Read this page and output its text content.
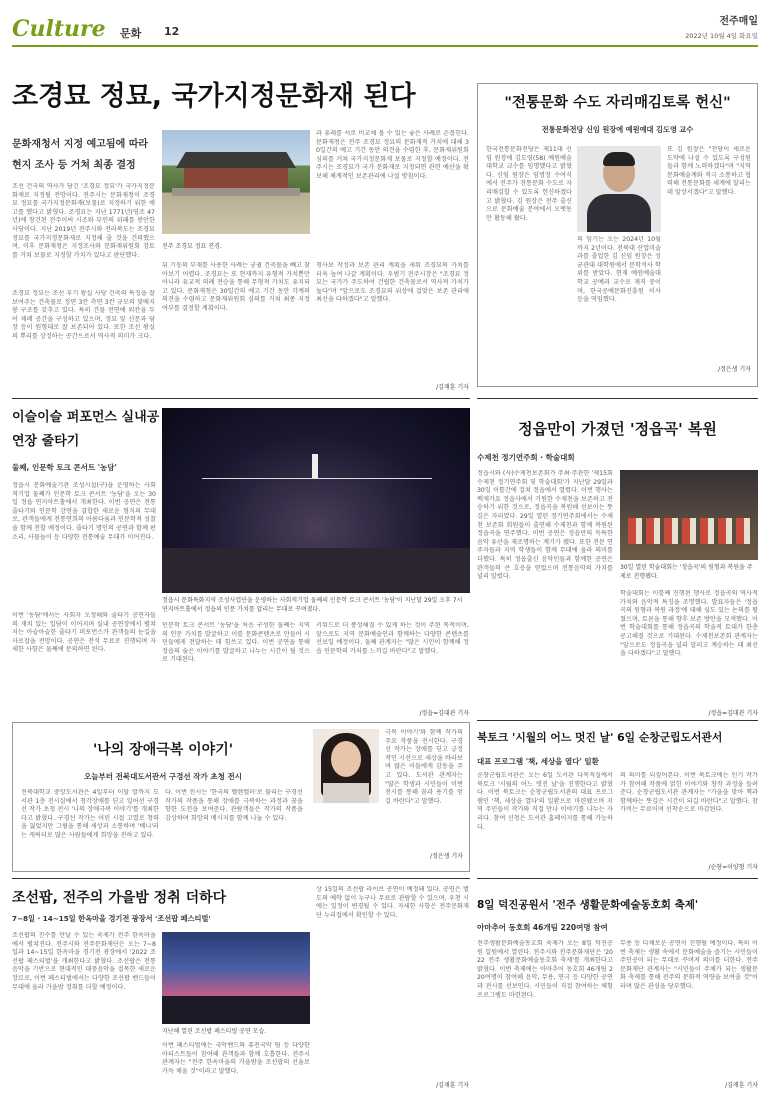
Culture 문화 12
전주매일
2022년 10월 4일 화요일
조경묘 정묘, 국가지정문화재 된다
문화재청서 지정 예고됨에 따라
현지 조사 등 거쳐 최종 결정
전주 조경묘 정묘 전경.
조선 건국의 역사가 담긴 '조경묘 정묘'가 국가지정문화재로 지정될 전망이다. 전주시는 문화재청이 조경묘 정묘를 국가지정문화재(보물)로 지정하기 위한 예고를 했다고 밝혔다. 조경묘는 지난 1771년(영조 47년)에 창건된 전주이씨 시조와 부인의 위패를 봉안한 사당이다. 지난 2019년 전주시와 전라북도는 조경묘 정묘를 국가지정문화재로 지정해 줄 것을 건의했으며, 이후 문화재청은 지정조사와 문화재위원회 검토를 거쳐 보물로 지정할 가치가 있다고 판단했다.
조경묘 정묘는 조선 후기 왕실 사당 건축의 특징을 잘 보여주는 건축물로 정면 3칸 측면 3칸 규모의 맞배지붕 구조를 갖추고 있다. 특히 건물 전면에 퇴칸을 두어 제례 공간을 구성하고 있으며, 정묘 앞 신문과 담장 등이 원형대로 잘 보존되어 있다. 또한 조선 왕실의 뿌리를 상징하는 공간으로서 역사적 의미가 크다.
뒤 기둥의 부재를 사용한 사례는 궁궐 건축물을 빼고 찾아보기 어렵다. 조경묘는 또 현재까지 유형적 가치뿐만 아니라 유교적 의례 전승을 통해 무형적 가치도 유지되고 있다. 문화재청은 30일간의 예고 기간 동안 각계의 의견을 수렴하고 문화재위원회 심의를 거쳐 최종 지정 여부를 결정할 계획이다.
과 유래를 서로 비교해 볼 수 있는 좋은 사례로 손꼽힌다. 문화재청은 전주 조경묘 정묘의 문화재적 가치에 대해 30일간의 예고 기간 동안 의견을 수렴한 후, 문화재위원회 심의를 거쳐 국가지정문화재 보물로 지정할 예정이다. 전주시는 조경묘가 국가 문화재로 지정되면 관련 예산을 확보해 체계적인 보존관리에 나설 방침이다.
청사보 작성과 보존 관리 계획을 세워 조경묘의 가치를 더욱 높여 나갈 계획이다. 우범기 전주시장은 "조경묘 정묘는 국가가 주도하여 건립한 건축물로서 역사적 가치가 높다"며 "앞으로도 조경묘의 위상에 걸맞은 보존 관리에 최선을 다하겠다"고 말했다.
/김재훈 기자
"전통문화 수도 자리매김토록 헌신"
전통문화전당 신임 원장에 예원예대 김도영 교수
한국전통문화전당은 제11대 신임 원장에 김도영(58) 예원예술대학교 교수를 임명했다고 밝혔다. 신임 원장은 임명장 수여식에서 전주가 전통문화 수도로 자리매김할 수 있도록 헌신하겠다고 밝혔다. 김 원장은 전주 출신으로 문화예술 분야에서 오랫동안 활동해 왔다.
의 임기는 오는 2024년 10월까지 2년이다. 전북대 산업미술과를 졸업한 김 신임 원장은 성균관대 대학원에서 문학석사 학위를 받았다. 현재 예원예술대학교 공예과 교수로 재직 중이며, 한국공예문화진흥원 이사 등을 역임했다.
또 김 원장은 "전당이 새로운 도약에 나설 수 있도록 구성원들과 함께 노력하겠다"며 "지역 문화예술계와 적극 소통하고 협력해 전통문화를 세계에 알리는 데 앞장서겠다"고 말했다.
/정은생 기자
이슬이슬 퍼포먼스 실내공연장 줄타기
둘째, 인문학 토크 콘서트 '농담'
정읍시 문화예술기관 조성시설(구)을 운영하는 사회적기업 둘째가 인문학 토크 콘서트 '농담'을 오는 30일 정읍 연지아트홀에서 개최한다. 이번 공연은 전통 줄타기와 인문학 강연을 결합한 새로운 형식의 무대로, 관객들에게 전통연희의 아름다움과 인문학적 성찰을 함께 전할 예정이다. 줄타기 명인의 공연과 함께 판소리, 사물놀이 등 다양한 전통예술 무대가 이어진다.
이번 '농담'에서는 사회자 오정해와 줄타기 공연자들의 재치 있는 입담이 이어지며 실내 공연장에서 펼쳐지는 아슬아슬한 줄타기 퍼포먼스가 관객들의 눈길을 사로잡을 전망이다. 공연은 전석 무료로 진행되며 자세한 사항은 둘째에 문의하면 된다.
정읍시 문화특화지역 조성사업단을 운영하는 사회적기업 둘째의 인문학 토크 콘서트 '농담'이 지난달 29일 오후 7시 연지아트홀에서 정읍의 인문 가치를 알리는 무대로 꾸며졌다.
인문학 토크 콘서트 '농담'을 처음 구성한 둘째는 지역의 인문 가치를 발굴하고 이를 문화콘텐츠로 만들어 시민들에게 전달하는 데 힘쓰고 있다. 이번 공연을 통해 정읍의 숨은 이야기를 발굴하고 나누는 시간이 될 것으로 기대된다.
키워드로 더 풍성해질 수 있게 하는 것이 주된 목적이며, 앞으로도 지역 문화예술인과 함께하는 다양한 콘텐츠를 선보일 예정이다. 둘째 관계자는 "많은 시민이 함께해 정읍 인문학의 가치를 느끼길 바란다"고 말했다.
/정읍=김대관 기자
정읍만이 가졌던 '정읍곡' 복원
수제천 정기연주회 · 학술대회
정읍시와 (사)수제천보존회가 주최·주관한 '제15회 수제천 정기연주회 및 학술대회'가 지난달 29일과 30일 이틀간에 걸쳐 정읍에서 열렸다. 이번 행사는 백제가요 정읍사에서 기원한 수제천을 보존하고 전승하기 위한 것으로, 정읍곡을 복원해 선보이는 뜻깊은 자리였다. 29일 열린 정기연주회에서는 수제천 보존회 회원들이 출연해 수제천과 함께 복원된 정읍곡을 연주했다. 이번 공연은 정읍만의 독특한 음악 유산을 재조명하는 계기가 됐다. 또한 전문 연주자들과 지역 학생들이 함께 무대에 올라 의미를 더했다. 특히 정읍출신 음악인들과 함께한 공연은 관객들의 큰 호응을 얻었으며 전통음악의 가치를 널리 알렸다.
30일 열린 학술대회는 '정읍곡'의 원형과 복원을 주제로 진행됐다.
학술대회는 이틀째 진행된 행사로 정읍곡의 역사적 가치와 음악적 특징을 조명했다. 발표자들은 '정읍곡의 원형과 복원 과정'에 대해 심도 있는 논의를 펼쳤으며, 토론을 통해 향후 보존 방안을 모색했다. 이번 학술대회를 통해 정읍곡의 학술적 토대가 한층 공고해질 것으로 기대된다. 수제천보존회 관계자는 "앞으로도 정읍곡을 널리 알리고 계승하는 데 최선을 다하겠다"고 말했다.
/정읍=김대관 기자
'나의 장애극복 이야기'
오늘부터 전북대도서관서 구경선 작가 초청 전시
전북대학교 중앙도서관은 4일부터 이달 말까지 도서관 1층 전시실에서 청각장애를 딛고 일어선 구경선 작가 초청 전시 '나의 장애극복 이야기'를 개최한다고 밝혔다. 구경선 작가는 어린 시절 고열로 청력을 잃었지만 그림을 통해 세상과 소통하며 '베니'라는 캐릭터로 많은 사람들에게 희망을 전하고 있다.
다. 이번 전시는 '한국의 헬렌켈러'로 불리는 구경선 작가의 작품을 통해 장애를 극복하는 과정과 꿈을 향한 도전을 보여준다. 관람객들은 작가의 작품을 감상하며 희망의 메시지를 함께 나눌 수 있다.
극복 이야기'와 함께 작가의 주요 작품을 전시한다. 구경선 작가는 장애를 딛고 긍정적인 시선으로 세상을 바라보며 많은 이들에게 감동을 주고 있다. 도서관 관계자는 "많은 학생과 시민들이 이번 전시를 통해 꿈과 용기를 얻길 바란다"고 말했다.
/정은생 기자
북토크 '시월의 어느 멋진 날' 6일 순창군립도서관서
대표 프로그램 '책, 세상을 열다' 일환
순창군립도서관은 오는 6일 도서관 다목적실에서 북토크 '시월의 어느 멋진 날'을 진행한다고 밝혔다. 이번 북토크는 순창군립도서관의 대표 프로그램인 '책, 세상을 열다'의 일환으로 마련됐으며 지역 주민들이 작가와 직접 만나 이야기를 나누는 자리다. 참여 신청은 도서관 홈페이지를 통해 가능하다.
의 의미를 되짚어본다. 이번 북토크에는 인기 작가가 참여해 작품에 얽힌 이야기와 창작 과정을 들려준다. 순창군립도서관 관계자는 "가을을 맞아 책과 함께하는 뜻깊은 시간이 되길 바란다"고 말했다. 참가비는 무료이며 선착순으로 마감된다.
/순창=이양형 기자
조선팝, 전주의 가을밤 정취 더하다
7~8일 · 14~15일 한옥마을 경기전 광장서 '조선팝 페스티벌'
조선팝의 진수를 만날 수 있는 축제가 전주 한옥마을에서 펼쳐진다. 전주시와 전주문화재단은 오는 7~8일과 14~15일 한옥마을 경기전 광장에서 '2022 조선팝 페스티벌'을 개최한다고 밝혔다. 조선팝은 전통음악을 기반으로 현대적인 대중음악을 접목한 새로운 장르로, 이번 페스티벌에서는 다양한 조선팝 밴드들이 무대에 올라 가을밤 정취를 더할 예정이다.
지난해 열린 조선팝 페스티벌 공연 모습.
이번 페스티벌에는 국악밴드와 퓨전국악 팀 등 다양한 아티스트들이 참여해 관객들과 함께 호흡한다. 전주시 관계자는 "전주 한옥마을의 가을밤을 조선팝의 선율로 가득 채울 것"이라고 말했다.
상 15일의 조선팝 라이브 공연이 예정돼 있다. 공연은 별도의 예약 없이 누구나 무료로 관람할 수 있으며, 우천 시에는 일정이 변경될 수 있다. 자세한 사항은 전주문화재단 누리집에서 확인할 수 있다.
/김재훈 기자
8일 덕진공원서 '전주 생활문화예술동호회 축제'
아마추어 동호회 46개팀 220여명 참여
전주생활문화예술동호회 축제가 오는 8일 덕진공원 일원에서 열린다. 전주시와 전주문화재단은 '2022 전주 생활문화예술동호회 축제'를 개최한다고 밝혔다. 이번 축제에는 아마추어 동호회 46개팀 220여명이 참여해 음악, 무용, 연극 등 다양한 공연과 전시를 선보인다. 시민들이 직접 참여하는 체험 프로그램도 마련된다.
무용 등 다채로운 공연이 진행될 예정이다. 특히 이번 축제는 생활 속에서 문화예술을 즐기는 시민들이 주인공이 되는 무대로 꾸며져 의미를 더한다. 전주문화재단 관계자는 "시민들이 주체가 되는 생활문화 축제를 통해 전주의 문화적 역량을 보여줄 것"이라며 많은 관심을 당부했다.
/김재훈 기자
